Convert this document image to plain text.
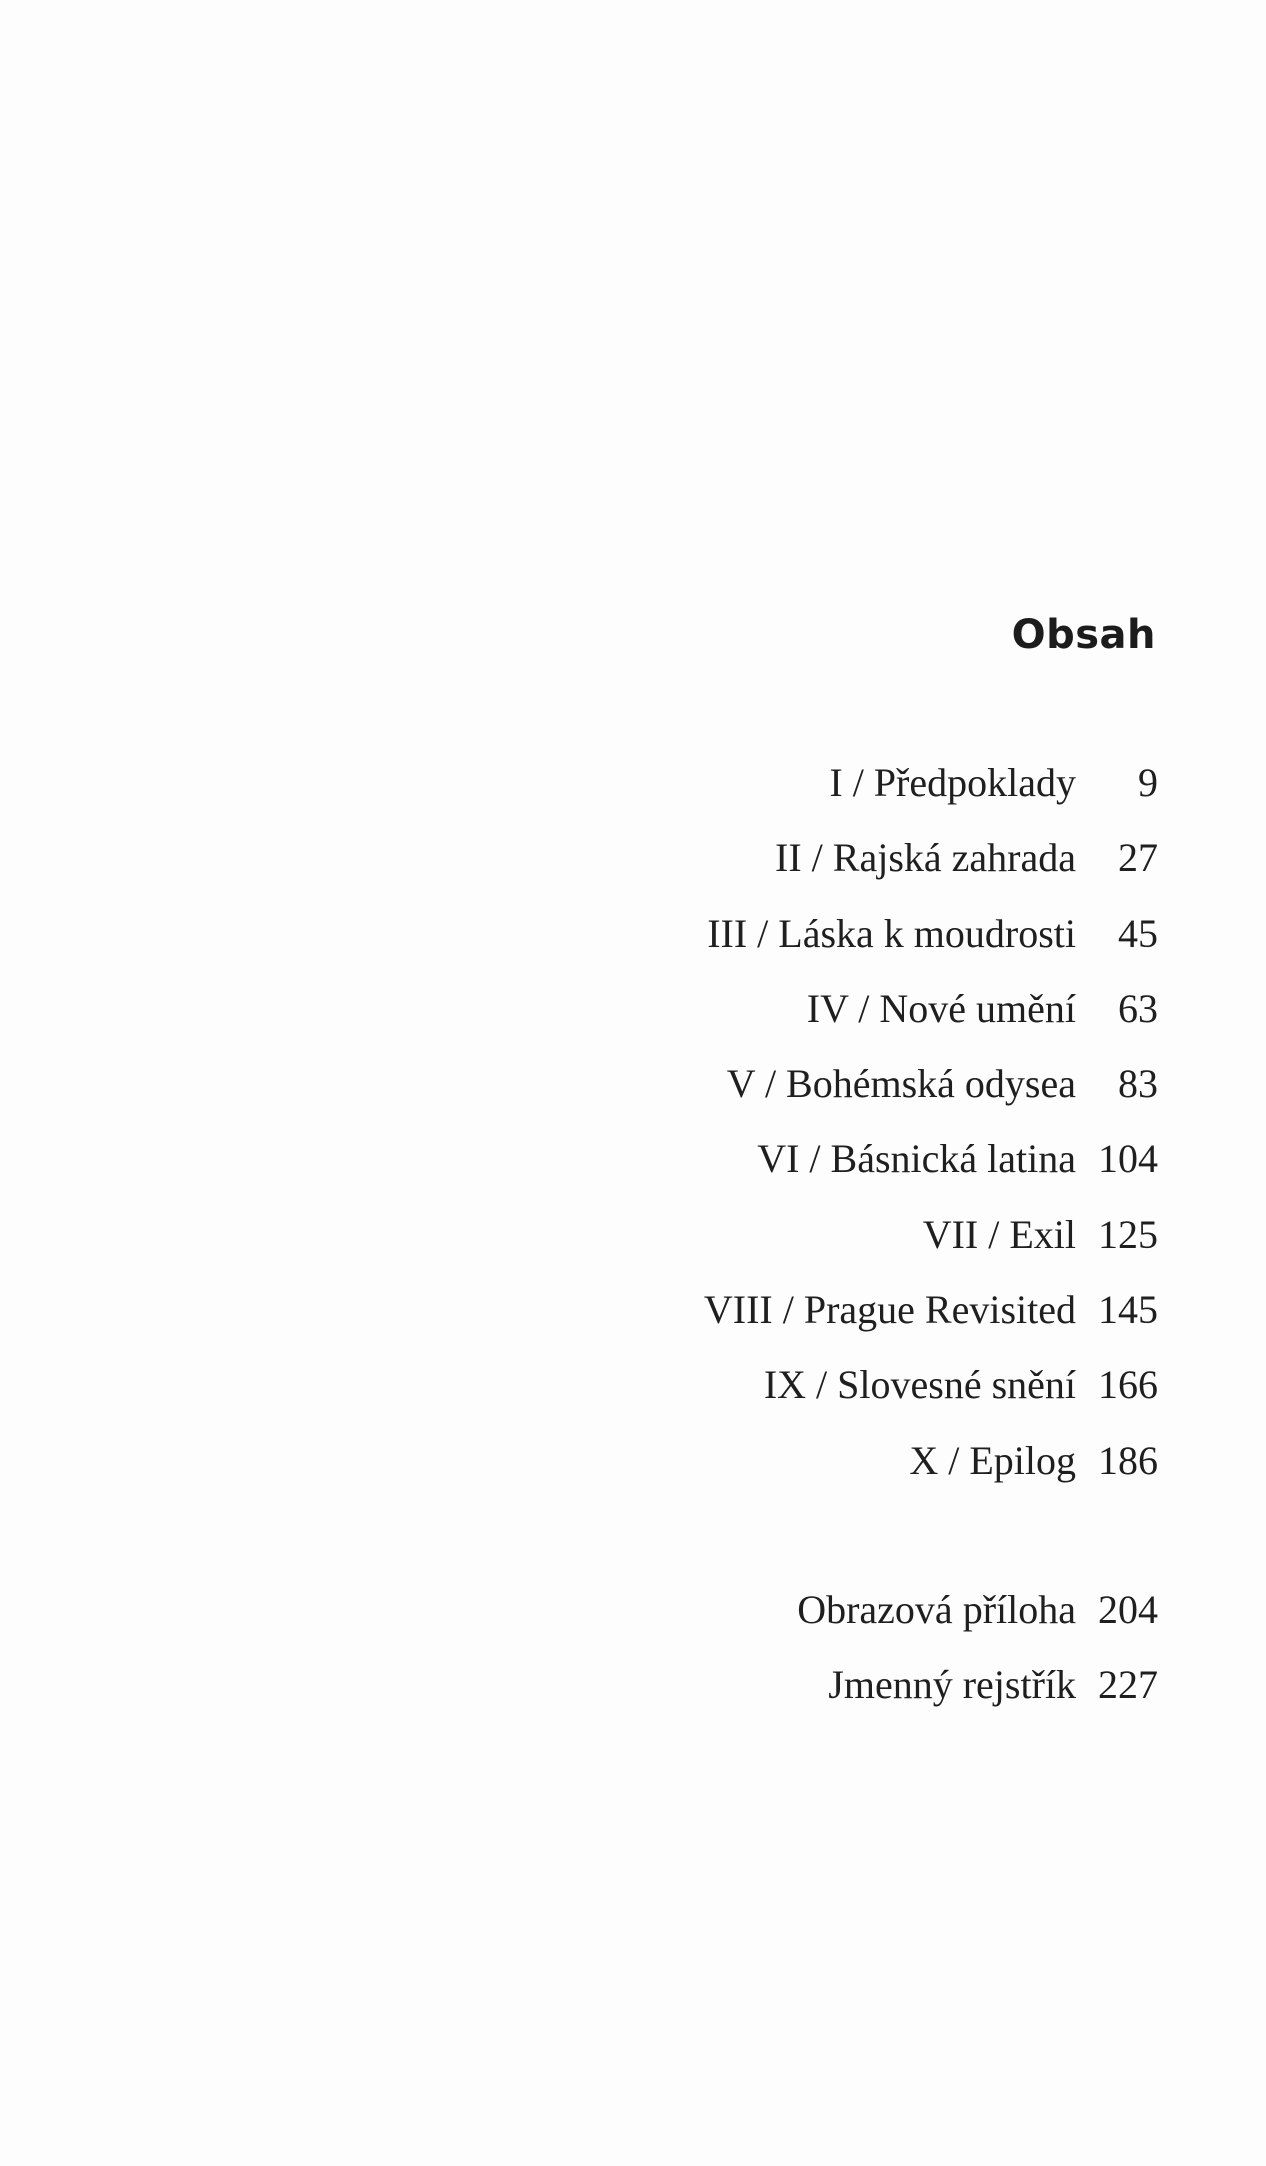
Obsah
I / Předpoklady	9
II / Rajská zahrada	27
III / Láska k moudrosti	45
IV / Nové umění	63
V / Bohémská odysea	83
VI / Básnická latina 104
VII / Exil 125
VIII / Prague Revisited 145
IX / Slovesné snění 166
X / Epilog 186
Obrazová příloha 204
Jmenný rejstřík 227
